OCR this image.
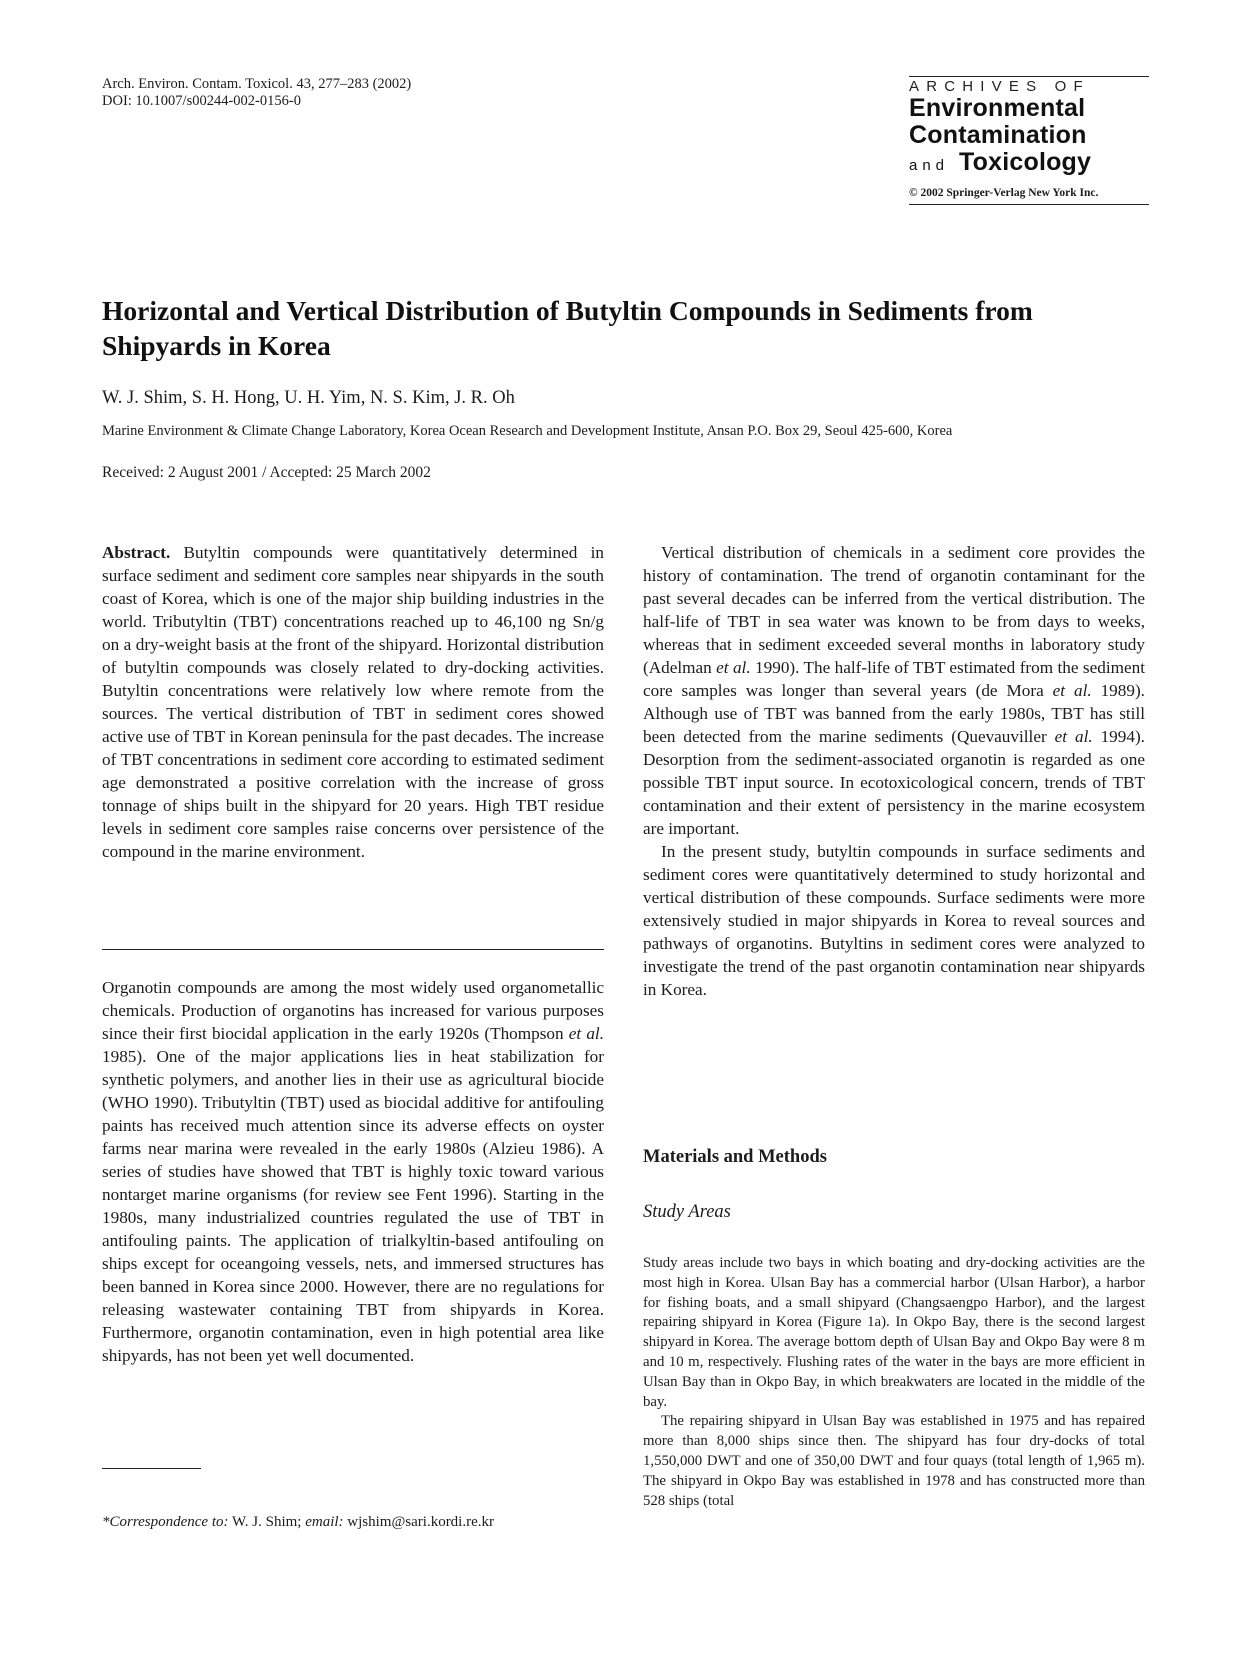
Arch. Environ. Contam. Toxicol. 43, 277–283 (2002)
DOI: 10.1007/s00244-002-0156-0
ARCHIVES OF
Environmental
Contamination
and Toxicology
© 2002 Springer-Verlag New York Inc.
Horizontal and Vertical Distribution of Butyltin Compounds in Sediments from Shipyards in Korea
W. J. Shim, S. H. Hong, U. H. Yim, N. S. Kim, J. R. Oh
Marine Environment & Climate Change Laboratory, Korea Ocean Research and Development Institute, Ansan P.O. Box 29, Seoul 425-600, Korea
Received: 2 August 2001 / Accepted: 25 March 2002

Abstract. Butyltin compounds were quantitatively determined in surface sediment and sediment core samples near shipyards in the south coast of Korea, which is one of the major ship building industries in the world. Tributyltin (TBT) concentrations reached up to 46,100 ng Sn/g on a dry-weight basis at the front of the shipyard. Horizontal distribution of butyltin compounds was closely related to dry-docking activities. Butyltin concentrations were relatively low where remote from the sources. The vertical distribution of TBT in sediment cores showed active use of TBT in Korean peninsula for the past decades. The increase of TBT concentrations in sediment core according to estimated sediment age demonstrated a positive correlation with the increase of gross tonnage of ships built in the shipyard for 20 years. High TBT residue levels in sediment core samples raise concerns over persistence of the compound in the marine environment.

Organotin compounds are among the most widely used organometallic chemicals. Production of organotins has increased for various purposes since their first biocidal application in the early 1920s (Thompson et al. 1985). One of the major applications lies in heat stabilization for synthetic polymers, and another lies in their use as agricultural biocide (WHO 1990). Tributyltin (TBT) used as biocidal additive for antifouling paints has received much attention since its adverse effects on oyster farms near marina were revealed in the early 1980s (Alzieu 1986). A series of studies have showed that TBT is highly toxic toward various nontarget marine organisms (for review see Fent 1996). Starting in the 1980s, many industrialized countries regulated the use of TBT in antifouling paints. The application of trialkyltin-based antifouling on ships except for oceangoing vessels, nets, and immersed structures has been banned in Korea since 2000. However, there are no regulations for releasing wastewater containing TBT from shipyards in Korea. Furthermore, organotin contamination, even in high potential area like shipyards, has not been yet well documented.

Vertical distribution of chemicals in a sediment core provides the history of contamination. The trend of organotin contaminant for the past several decades can be inferred from the vertical distribution. The half-life of TBT in sea water was known to be from days to weeks, whereas that in sediment exceeded several months in laboratory study (Adelman et al. 1990). The half-life of TBT estimated from the sediment core samples was longer than several years (de Mora et al. 1989). Although use of TBT was banned from the early 1980s, TBT has still been detected from the marine sediments (Quevauviller et al. 1994). Desorption from the sediment-associated organotin is regarded as one possible TBT input source. In ecotoxicological concern, trends of TBT contamination and their extent of persistency in the marine ecosystem are important.

In the present study, butyltin compounds in surface sediments and sediment cores were quantitatively determined to study horizontal and vertical distribution of these compounds. Surface sediments were more extensively studied in major shipyards in Korea to reveal sources and pathways of organotins. Butyltins in sediment cores were analyzed to investigate the trend of the past organotin contamination near shipyards in Korea.

Materials and Methods
Study Areas

Study areas include two bays in which boating and dry-docking activities are the most high in Korea. Ulsan Bay has a commercial harbor (Ulsan Harbor), a harbor for fishing boats, and a small shipyard (Changsaengpo Harbor), and the largest repairing shipyard in Korea (Figure 1a). In Okpo Bay, there is the second largest shipyard in Korea. The average bottom depth of Ulsan Bay and Okpo Bay were 8 m and 10 m, respectively. Flushing rates of the water in the bays are more efficient in Ulsan Bay than in Okpo Bay, in which breakwaters are located in the middle of the bay.

The repairing shipyard in Ulsan Bay was established in 1975 and has repaired more than 8,000 ships since then. The shipyard has four dry-docks of total 1,550,000 DWT and one of 350,00 DWT and four quays (total length of 1,965 m). The shipyard in Okpo Bay was established in 1978 and has constructed more than 528 ships (total

*Correspondence to: W. J. Shim; email: wjshim@sari.kordi.re.kr
